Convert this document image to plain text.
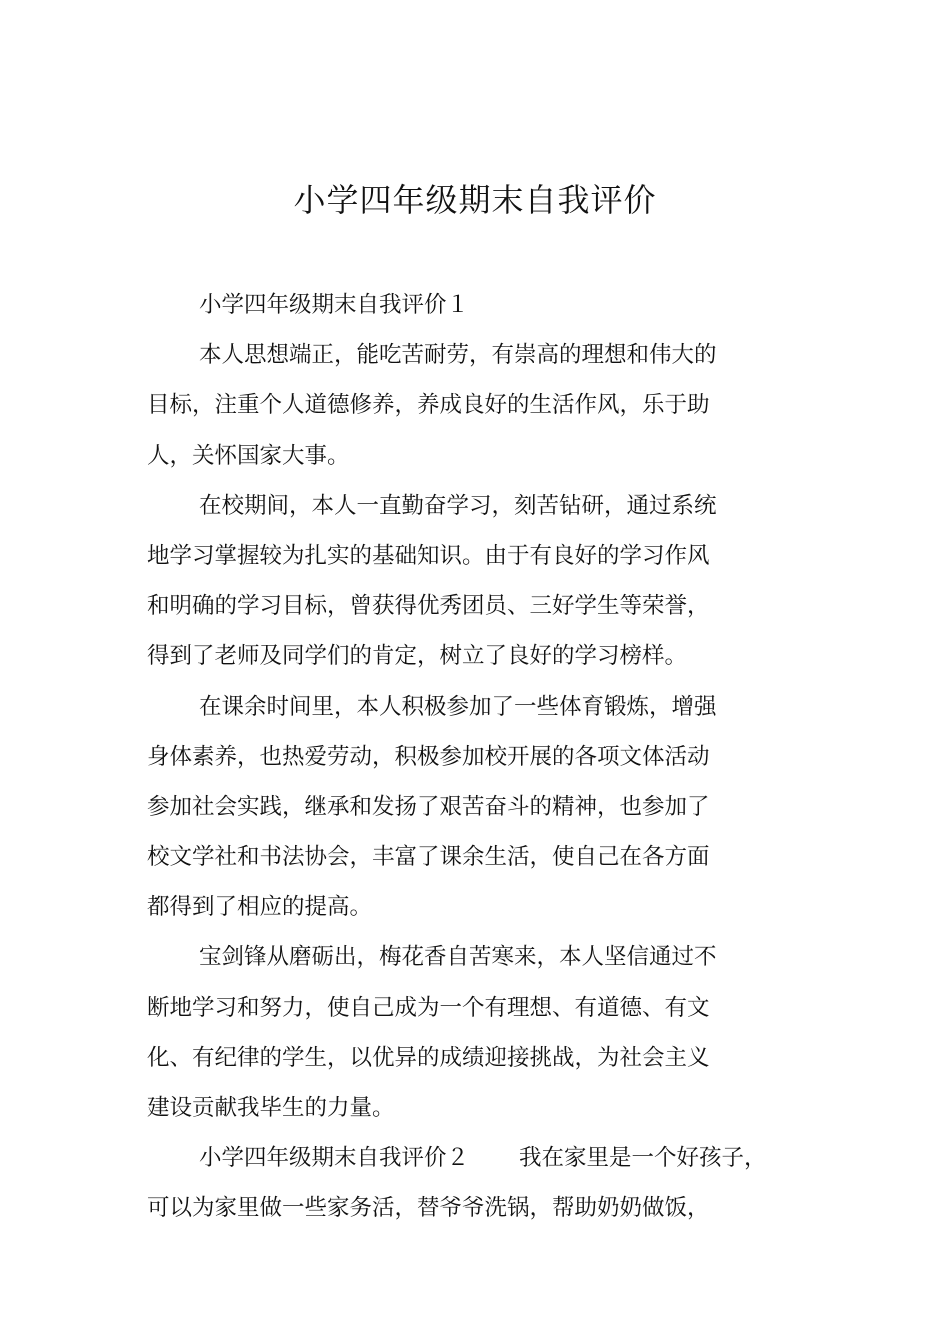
小学四年级期末自我评价
小学四年级期末自我评价１
本人思想端正，能吃苦耐劳，有崇高的理想和伟大的
目标，注重个人道德修养，养成良好的生活作风，乐于助
人，关怀国家大事。
在校期间，本人一直勤奋学习，刻苦钻研，通过系统
地学习掌握较为扎实的基础知识。由于有良好的学习作风
和明确的学习目标，曾获得优秀团员、三好学生等荣誉，
得到了老师及同学们的肯定，树立了良好的学习榜样。
在课余时间里，本人积极参加了一些体育锻炼，增强
身体素养，也热爱劳动，积极参加校开展的各项文体活动
参加社会实践，继承和发扬了艰苦奋斗的精神，也参加了
校文学社和书法协会，丰富了课余生活，使自己在各方面
都得到了相应的提高。
宝剑锋从磨砺出，梅花香自苦寒来，本人坚信通过不
断地学习和努力，使自己成为一个有理想、有道德、有文
化、有纪律的学生，以优异的成绩迎接挑战，为社会主义
建设贡献我毕生的力量。
小学四年级期末自我评价２ 我在家里是一个好孩子，
可以为家里做一些家务活，替爷爷洗锅，帮助奶奶做饭，
